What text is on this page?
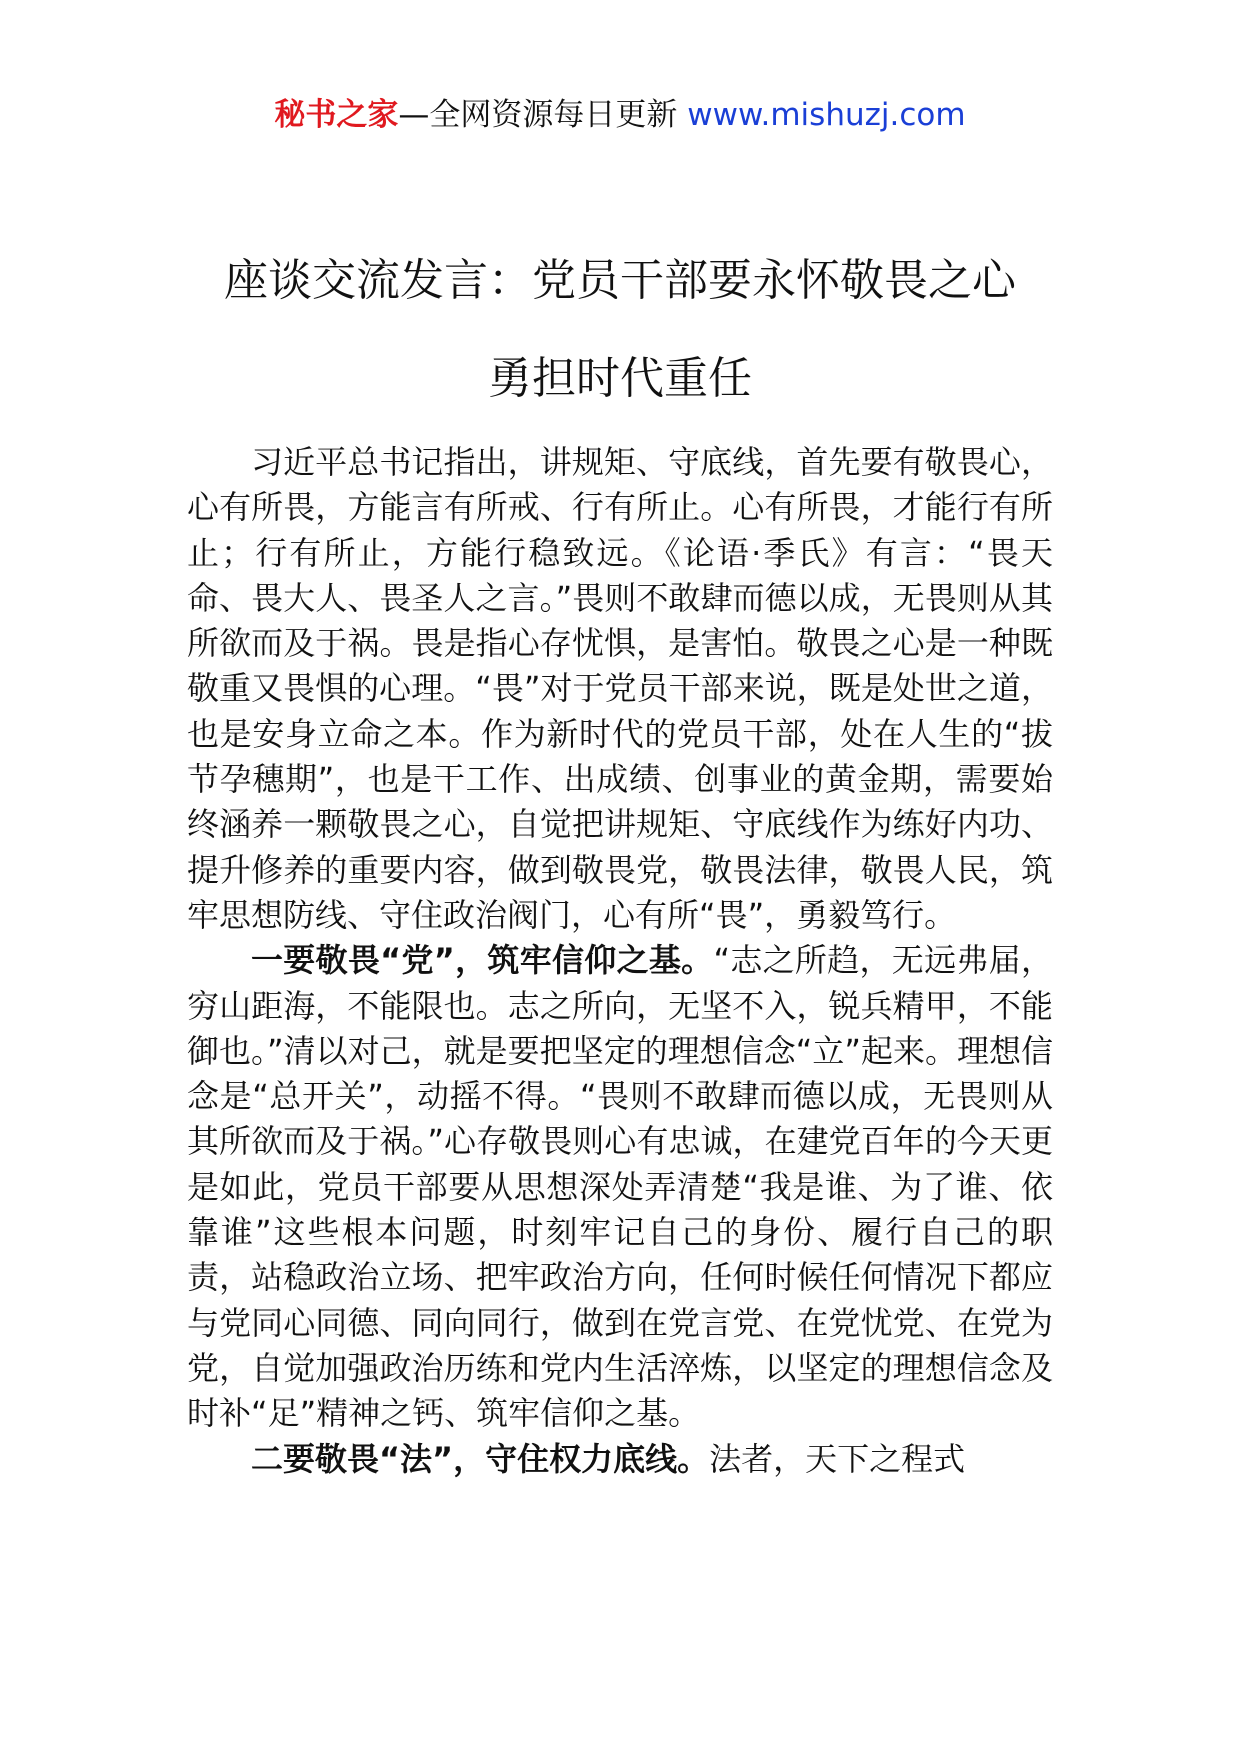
秘书之家—全网资源每日更新 www.mishuzj.com
座谈交流发言：党员干部要永怀敬畏之心
勇担时代重任

习近平总书记指出，讲规矩、守底线，首先要有敬畏心，心有所畏，方能言有所戒、行有所止。心有所畏，才能行有所止；行有所止，方能行稳致远。《论语·季氏》有言：“畏天命、畏大人、畏圣人之言。”畏则不敢肆而德以成，无畏则从其所欲而及于祸。畏是指心存忧惧，是害怕。敬畏之心是一种既敬重又畏惧的心理。“畏”对于党员干部来说，既是处世之道，也是安身立命之本。作为新时代的党员干部，处在人生的“拔节孕穗期”，也是干工作、出成绩、创事业的黄金期，需要始终涵养一颗敬畏之心，自觉把讲规矩、守底线作为练好内功、提升修养的重要内容，做到敬畏党，敬畏法律，敬畏人民，筑牢思想防线、守住政治阀门，心有所“畏”，勇毅笃行。

一要敬畏“党”，筑牢信仰之基。“志之所趋，无远弗届，穷山距海，不能限也。志之所向，无坚不入，锐兵精甲，不能御也。”清以对己，就是要把坚定的理想信念“立”起来。理想信念是“总开关”，动摇不得。“畏则不敢肆而德以成，无畏则从其所欲而及于祸。”心存敬畏则心有忠诚，在建党百年的今天更是如此，党员干部要从思想深处弄清楚“我是谁、为了谁、依靠谁”这些根本问题，时刻牢记自己的身份、履行自己的职责，站稳政治立场、把牢政治方向，任何时候任何情况下都应与党同心同德、同向同行，做到在党言党、在党忧党、在党为党，自觉加强政治历练和党内生活淬炼，以坚定的理想信念及时补“足”精神之钙、筑牢信仰之基。

二要敬畏“法”，守住权力底线。法者，天下之程式
